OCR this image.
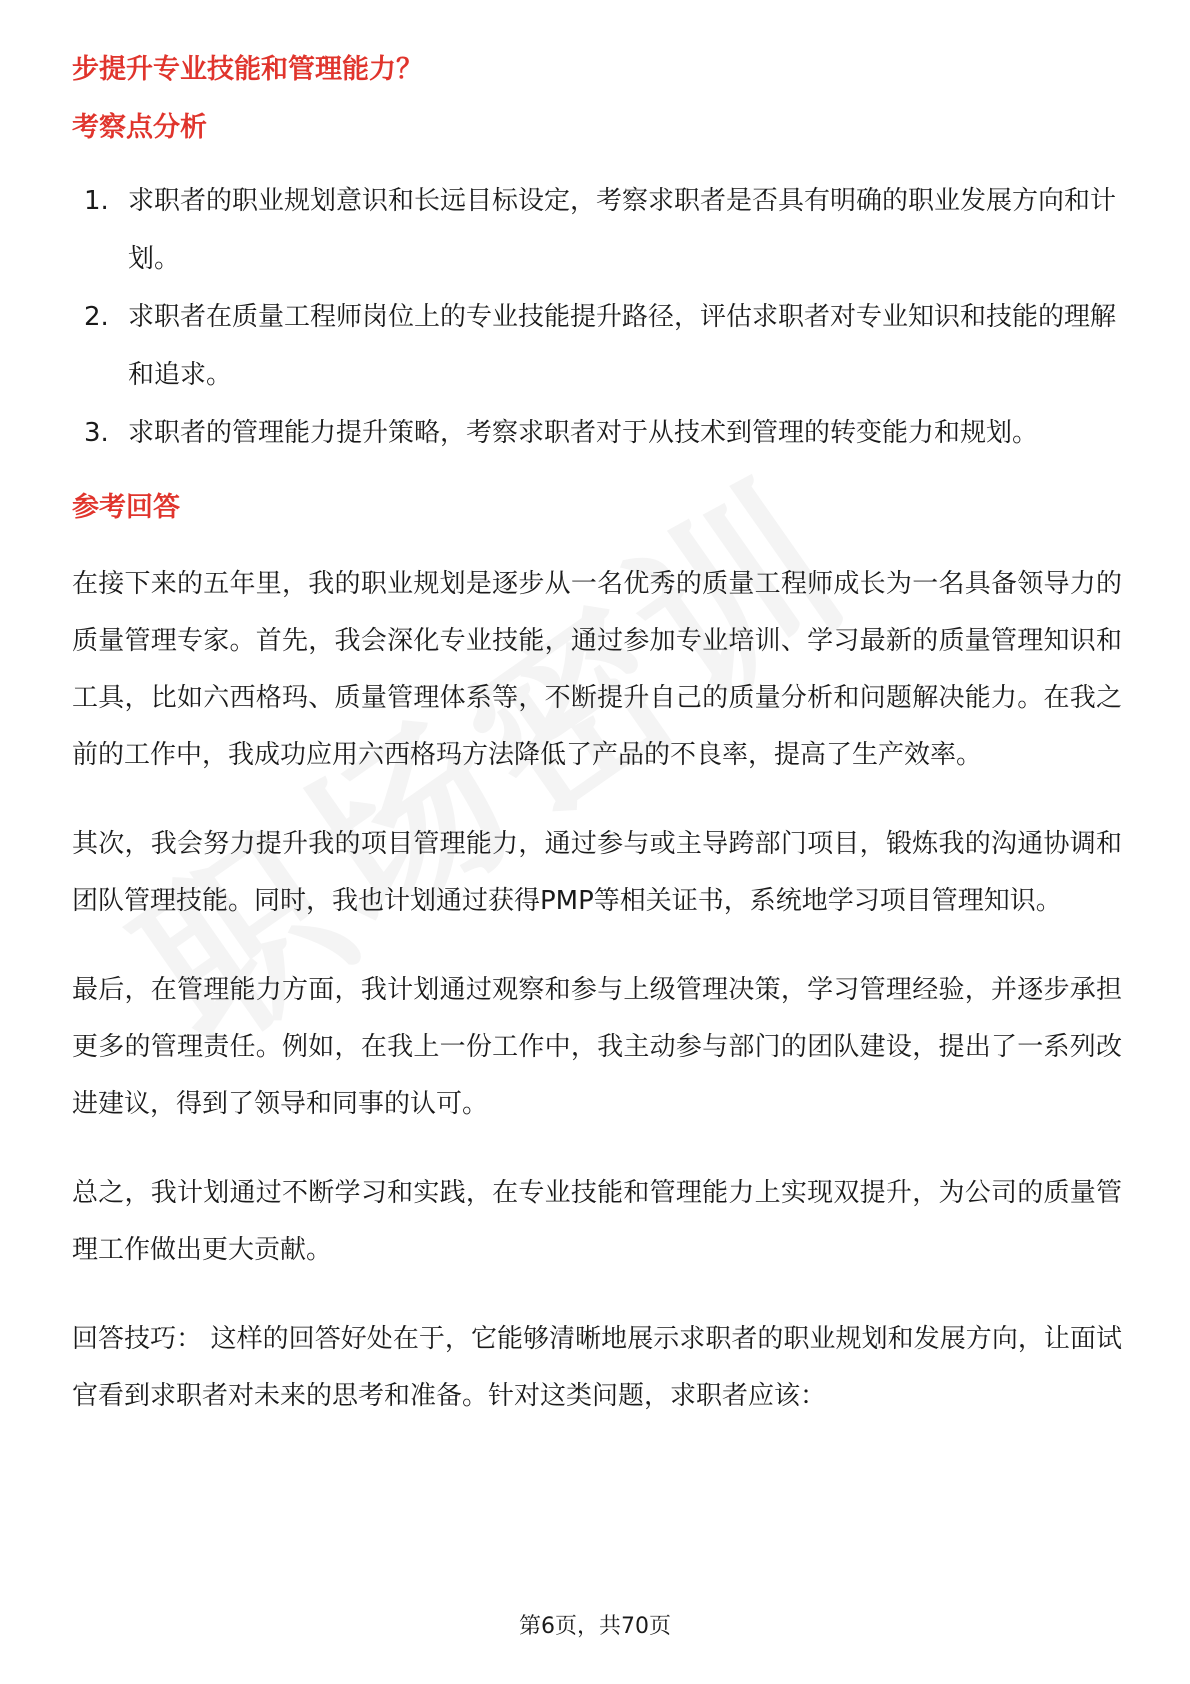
步提升专业技能和管理能力？
考察点分析
1. 求职者的职业规划意识和长远目标设定，考察求职者是否具有明确的职业发展方向和计划。
2. 求职者在质量工程师岗位上的专业技能提升路径，评估求职者对专业知识和技能的理解和追求。
3. 求职者的管理能力提升策略，考察求职者对于从技术到管理的转变能力和规划。
参考回答

在接下来的五年里，我的职业规划是逐步从一名优秀的质量工程师成长为一名具备领导力的质量管理专家。首先，我会深化专业技能，通过参加专业培训、学习最新的质量管理知识和工具，比如六西格玛、质量管理体系等，不断提升自己的质量分析和问题解决能力。在我之前的工作中，我成功应用六西格玛方法降低了产品的不良率，提高了生产效率。

其次，我会努力提升我的项目管理能力，通过参与或主导跨部门项目，锻炼我的沟通协调和团队管理技能。同时，我也计划通过获得PMP等相关证书，系统地学习项目管理知识。

最后，在管理能力方面，我计划通过观察和参与上级管理决策，学习管理经验，并逐步承担更多的管理责任。例如，在我上一份工作中，我主动参与部门的团队建设，提出了一系列改进建议，得到了领导和同事的认可。

总之，我计划通过不断学习和实践，在专业技能和管理能力上实现双提升，为公司的质量管理工作做出更大贡献。

回答技巧： 这样的回答好处在于，它能够清晰地展示求职者的职业规划和发展方向，让面试官看到求职者对未来的思考和准备。针对这类问题，求职者应该：

第6页，共70页
